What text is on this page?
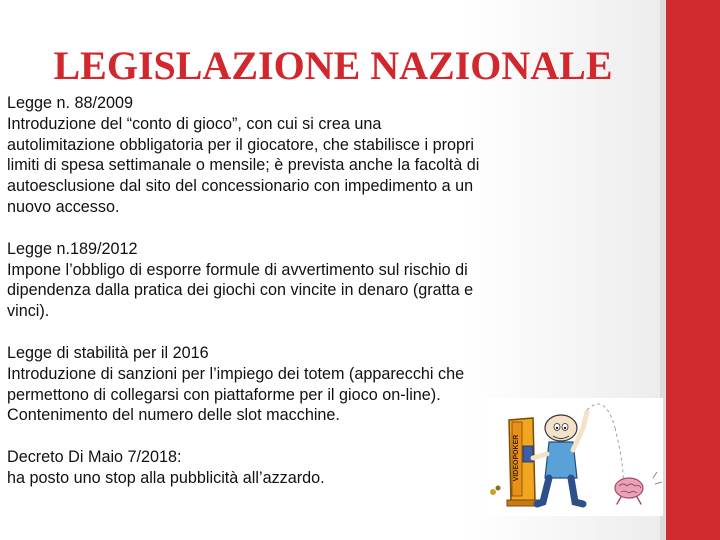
LEGISLAZIONE NAZIONALE

Legge n. 88/2009

Introduzione del “conto di gioco”, con cui si crea una autolimitazione obbligatoria per il giocatore, che stabilisce i propri limiti di spesa settimanale o mensile; è prevista anche la facoltà di autoesclusione dal sito del concessionario con impedimento a un nuovo accesso.

Legge n.189/2012

Impone l’obbligo di esporre formule di avvertimento sul rischio di dipendenza dalla pratica dei giochi con vincite in denaro (gratta e vinci).

Legge di stabilità per il 2016

Introduzione di sanzioni per l’impiego dei totem (apparecchi che permettono di collegarsi con piattaforme per il gioco on-line).

Contenimento del numero delle slot macchine.

Decreto Di Maio 7/2018:

ha posto uno stop alla pubblicità all’azzardo.	VIDEOPOKER
